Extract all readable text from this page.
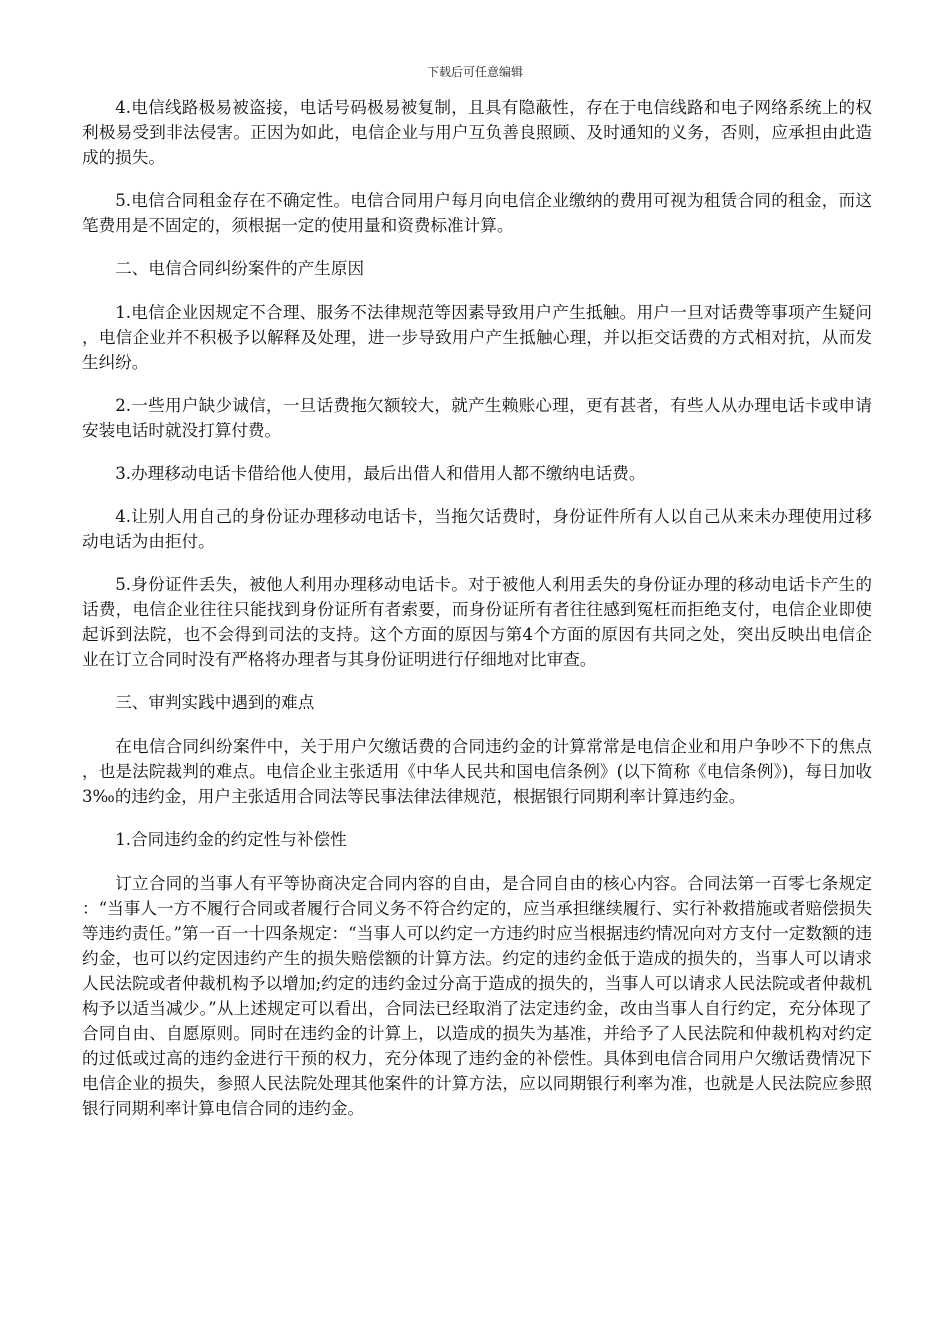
下载后可任意编辑

4.电信线路极易被盗接，电话号码极易被复制，且具有隐蔽性，存在于电信线路和电子网络系统上的权利极易受到非法侵害。正因为如此，电信企业与用户互负善良照顾、及时通知的义务，否则，应承担由此造成的损失。

5.电信合同租金存在不确定性。电信合同用户每月向电信企业缴纳的费用可视为租赁合同的租金，而这笔费用是不固定的，须根据一定的使用量和资费标准计算。

二、电信合同纠纷案件的产生原因

1.电信企业因规定不合理、服务不法律规范等因素导致用户产生抵触。用户一旦对话费等事项产生疑问，电信企业并不积极予以解释及处理，进一步导致用户产生抵触心理，并以拒交话费的方式相对抗，从而发生纠纷。

2.一些用户缺少诚信，一旦话费拖欠额较大，就产生赖账心理，更有甚者，有些人从办理电话卡或申请安装电话时就没打算付费。

3.办理移动电话卡借给他人使用，最后出借人和借用人都不缴纳电话费。

4.让别人用自己的身份证办理移动电话卡，当拖欠话费时，身份证件所有人以自己从来未办理使用过移动电话为由拒付。

5.身份证件丢失，被他人利用办理移动电话卡。对于被他人利用丢失的身份证办理的移动电话卡产生的话费，电信企业往往只能找到身份证所有者索要，而身份证所有者往往感到冤枉而拒绝支付，电信企业即使起诉到法院，也不会得到司法的支持。这个方面的原因与第4个方面的原因有共同之处，突出反映出电信企业在订立合同时没有严格将办理者与其身份证明进行仔细地对比审查。

三、审判实践中遇到的难点

在电信合同纠纷案件中，关于用户欠缴话费的合同违约金的计算常常是电信企业和用户争吵不下的焦点，也是法院裁判的难点。电信企业主张适用《中华人民共和国电信条例》(以下简称《电信条例》)，每日加收3‰的违约金，用户主张适用合同法等民事法律法律规范，根据银行同期利率计算违约金。

1.合同违约金的约定性与补偿性

订立合同的当事人有平等协商决定合同内容的自由，是合同自由的核心内容。合同法第一百零七条规定：“当事人一方不履行合同或者履行合同义务不符合约定的，应当承担继续履行、实行补救措施或者赔偿损失等违约责任。”第一百一十四条规定：“当事人可以约定一方违约时应当根据违约情况向对方支付一定数额的违约金，也可以约定因违约产生的损失赔偿额的计算方法。约定的违约金低于造成的损失的，当事人可以请求人民法院或者仲裁机构予以增加;约定的违约金过分高于造成的损失的，当事人可以请求人民法院或者仲裁机构予以适当减少。”从上述规定可以看出，合同法已经取消了法定违约金，改由当事人自行约定，充分体现了合同自由、自愿原则。同时在违约金的计算上，以造成的损失为基准，并给予了人民法院和仲裁机构对约定的过低或过高的违约金进行干预的权力，充分体现了违约金的补偿性。具体到电信合同用户欠缴话费情况下电信企业的损失，参照人民法院处理其他案件的计算方法，应以同期银行利率为准，也就是人民法院应参照银行同期利率计算电信合同的违约金。
